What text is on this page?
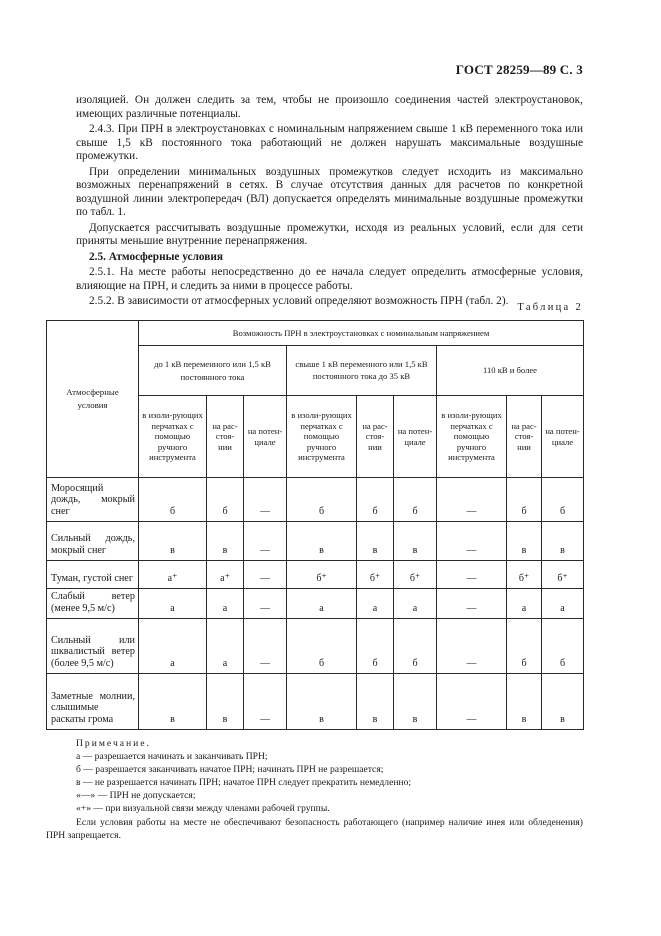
ГОСТ 28259—89 С. 3

изоляцией. Он должен следить за тем, чтобы не произошло соединения частей электроустановок, имеющих различные потенциалы.

2.4.3. При ПРН в электроустановках с номинальным напряжением свыше 1 кВ переменного тока или свыше 1,5 кВ постоянного тока работающий не должен нарушать максимальные воздушные промежутки.

При определении минимальных воздушных промежутков следует исходить из максимально возможных перенапряжений в сетях. В случае отсутствия данных для расчетов по конкретной воздушной линии электропередач (ВЛ) допускается определять минимальные воздушные промежутки по табл. 1.

Допускается рассчитывать воздушные промежутки, исходя из реальных условий, если для сети приняты меньшие внутренние перенапряжения.

2.5. Атмосферные условия

2.5.1. На месте работы непосредственно до ее начала следует определить атмосферные условия, влияющие на ПРН, и следить за ними в процессе работы.

2.5.2. В зависимости от атмосферных условий определяют возможность ПРН (табл. 2).

Таблица 2
Атмосферные условия	Возможность ПРН в электроустановках с номинальным напряжением								
	до 1 кВ переменного или 1,5 кВ постоянного тока			свыше 1 кВ переменного или 1,5 кВ постоянного тока до 35 кВ			110 кВ и более		
	в изоли-рующих перчатках с помощью ручного инструмента	на рас-стоя-нии	на потен-циале	в изоли-рующих перчатках с помощью ручного инструмента	на рас-стоя-нии	на потен-циале	в изоли-рующих перчатках с помощью ручного инструмента	на рас-стоя-нии	на потен-циале
Моросящий дождь, мокрый снег	б	б	—	б	б	б	—	б	б
Сильный дождь, мокрый снег	в	в	—	в	в	в	—	в	в
Туман, густой снег	а⁺	а⁺	—	б⁺	б⁺	б⁺	—	б⁺	б⁺
Слабый ветер (менее 9,5 м/с)	а	а	—	а	а	а	—	а	а
Сильный или шквалистый ветер (более 9,5 м/с)	а	а	—	б	б	б	—	б	б
Заметные молнии, слышимые раскаты грома	в	в	—	в	в	в	—	в	в

Примечание.

а — разрешается начинать и заканчивать ПРН;

б — разрешается заканчивать начатое ПРН; начинать ПРН не разрешается;

в — не разрешается начинать ПРН; начатое ПРН следует прекратить немедленно;

«—» — ПРН не допускается;

«+» — при визуальной связи между членами рабочей группы.

Если условия работы на месте не обеспечивают безопасность работающего (например наличие инея или обледенения) ПРН запрещается.
